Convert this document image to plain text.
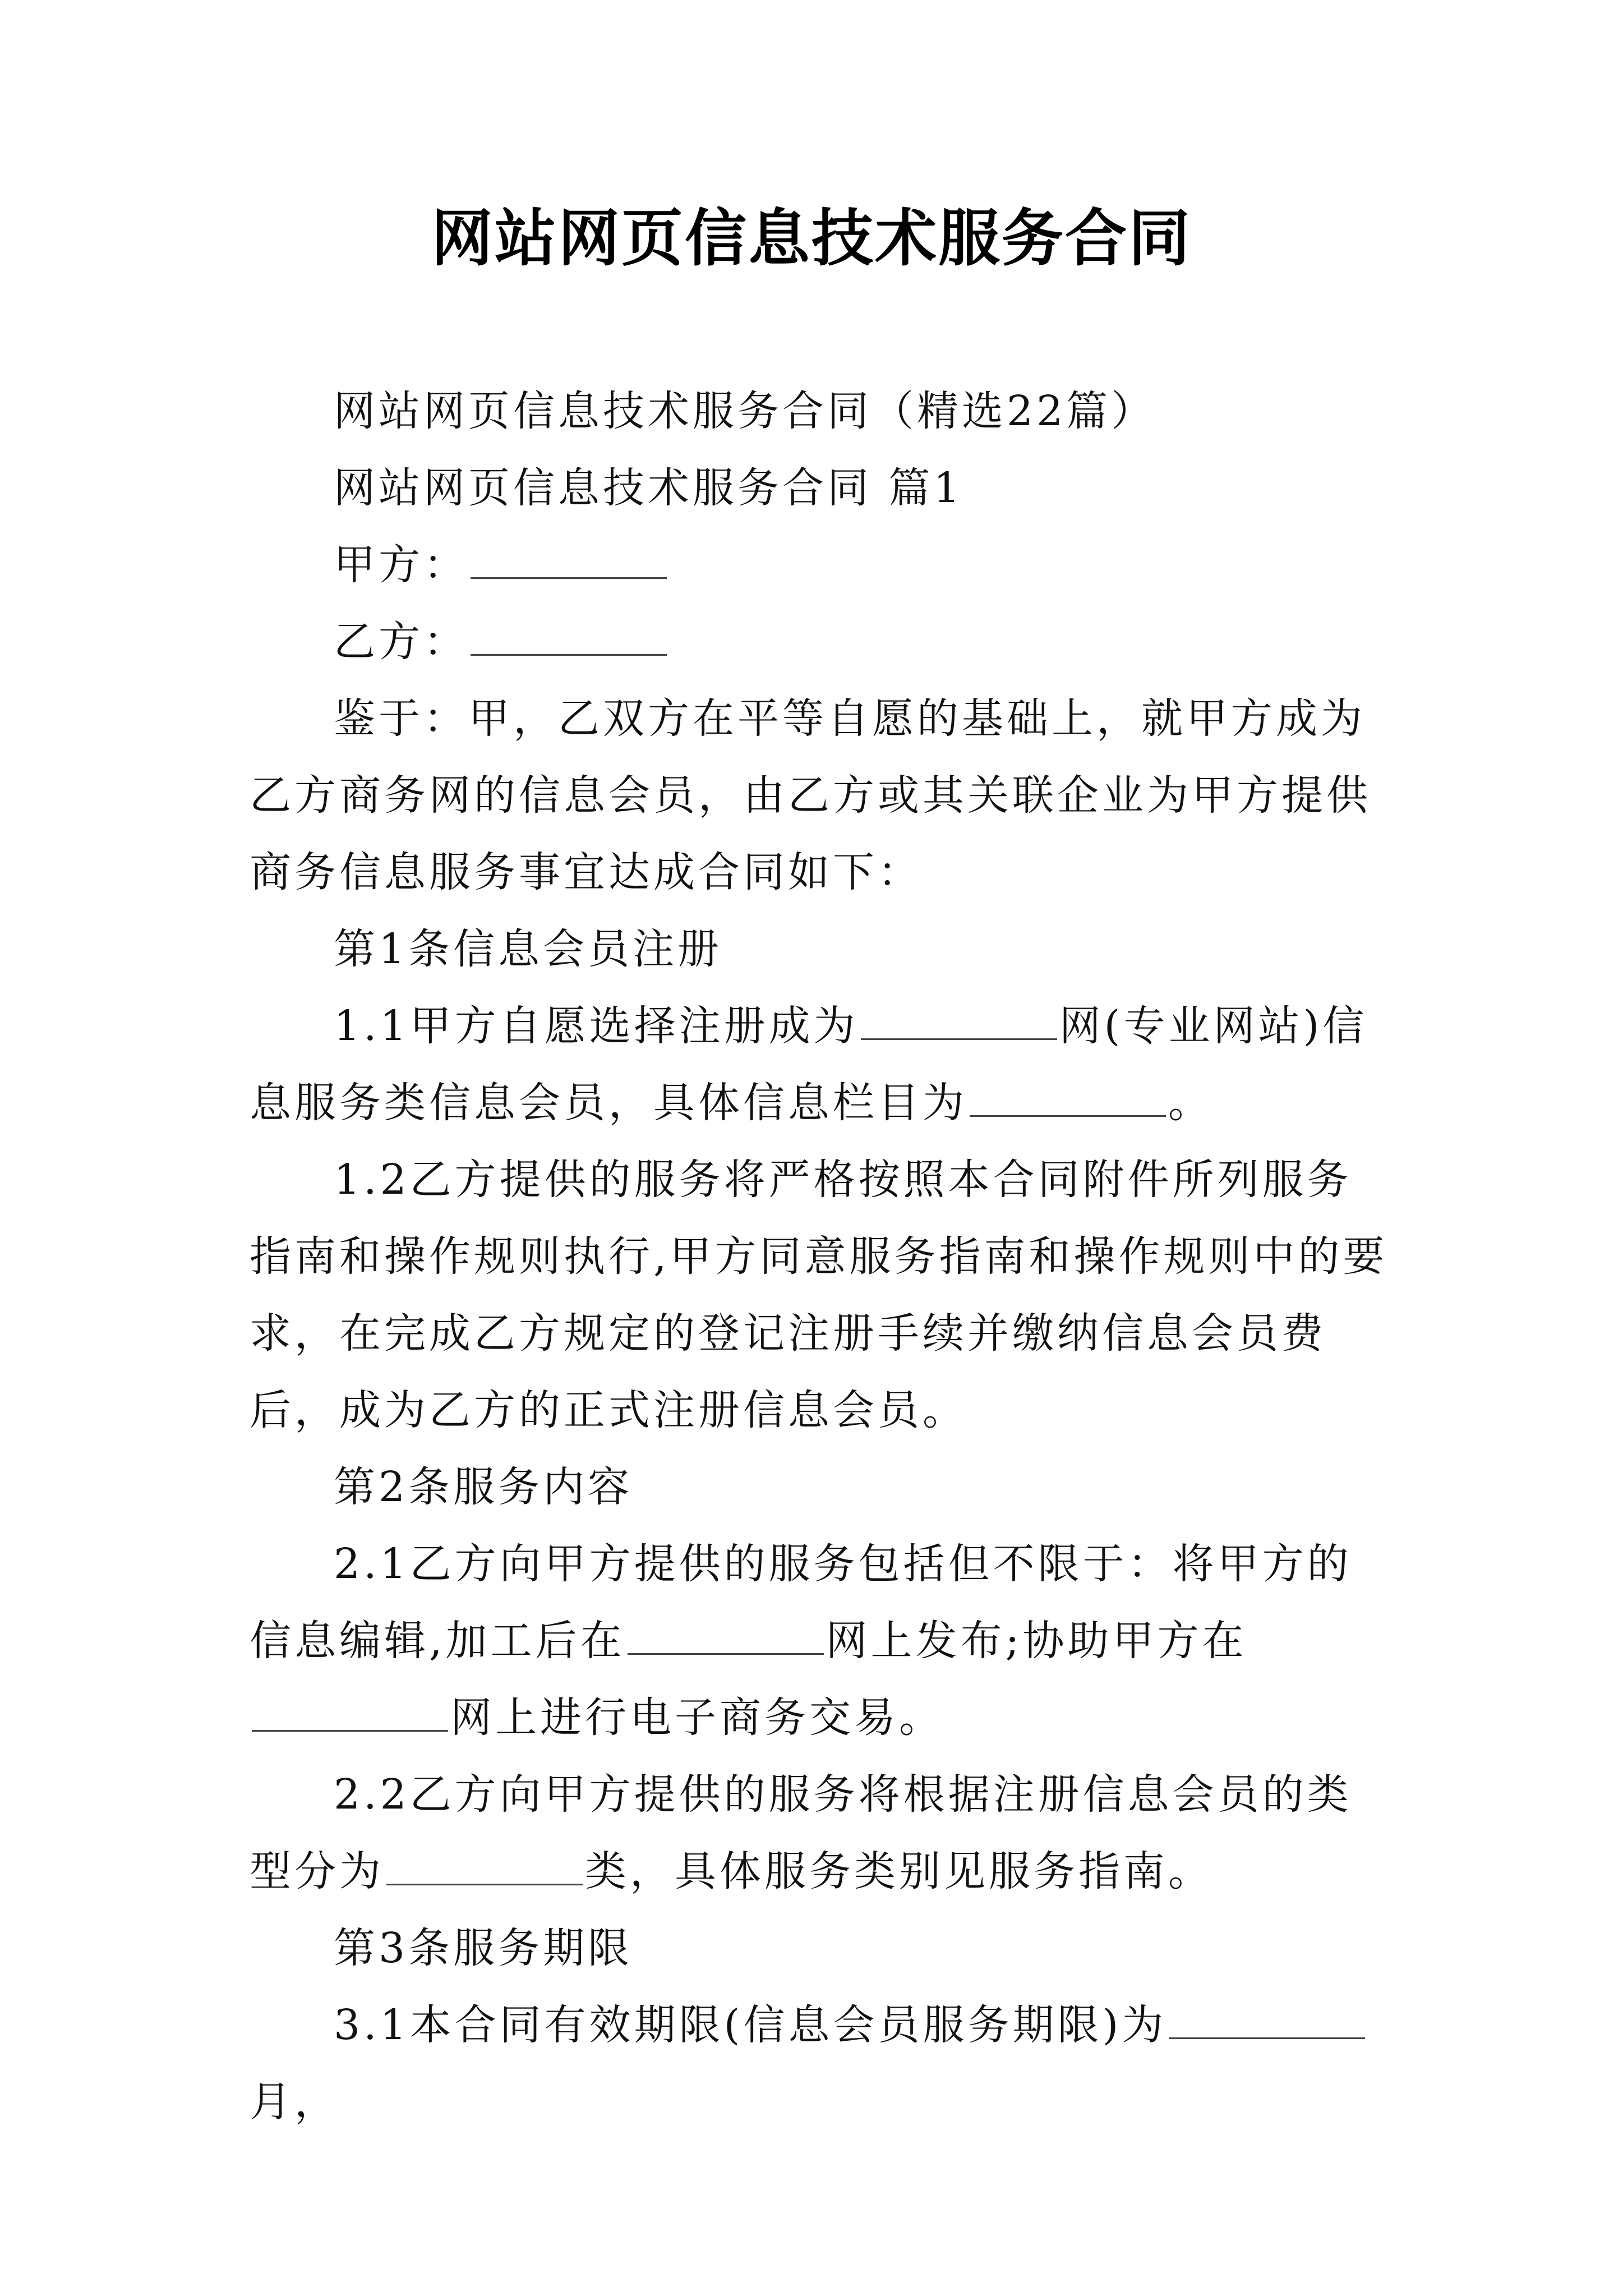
网站网页信息技术服务合同

网站网页信息技术服务合同（精选22篇）

网站网页信息技术服务合同 篇1

甲方：

乙方：

鉴于：甲，乙双方在平等自愿的基础上，就甲方成为乙方商务网的信息会员，由乙方或其关联企业为甲方提供商务信息服务事宜达成合同如下：

第1条信息会员注册

1.1甲方自愿选择注册成为	网(专业网站)信息服务类信息会员，具体信息栏目为	。

1.2乙方提供的服务将严格按照本合同附件所列服务指南和操作规则执行,甲方同意服务指南和操作规则中的要求，在完成乙方规定的登记注册手续并缴纳信息会员费后，成为乙方的正式注册信息会员。

第2条服务内容

2.1乙方向甲方提供的服务包括但不限于：将甲方的信息编辑,加工后在	网上发布;协助甲方在网上进行电子商务交易。

2.2乙方向甲方提供的服务将根据注册信息会员的类型分为	类，具体服务类别见服务指南。

第3条服务期限

3.1本合同有效期限(信息会员服务期限)为月，
